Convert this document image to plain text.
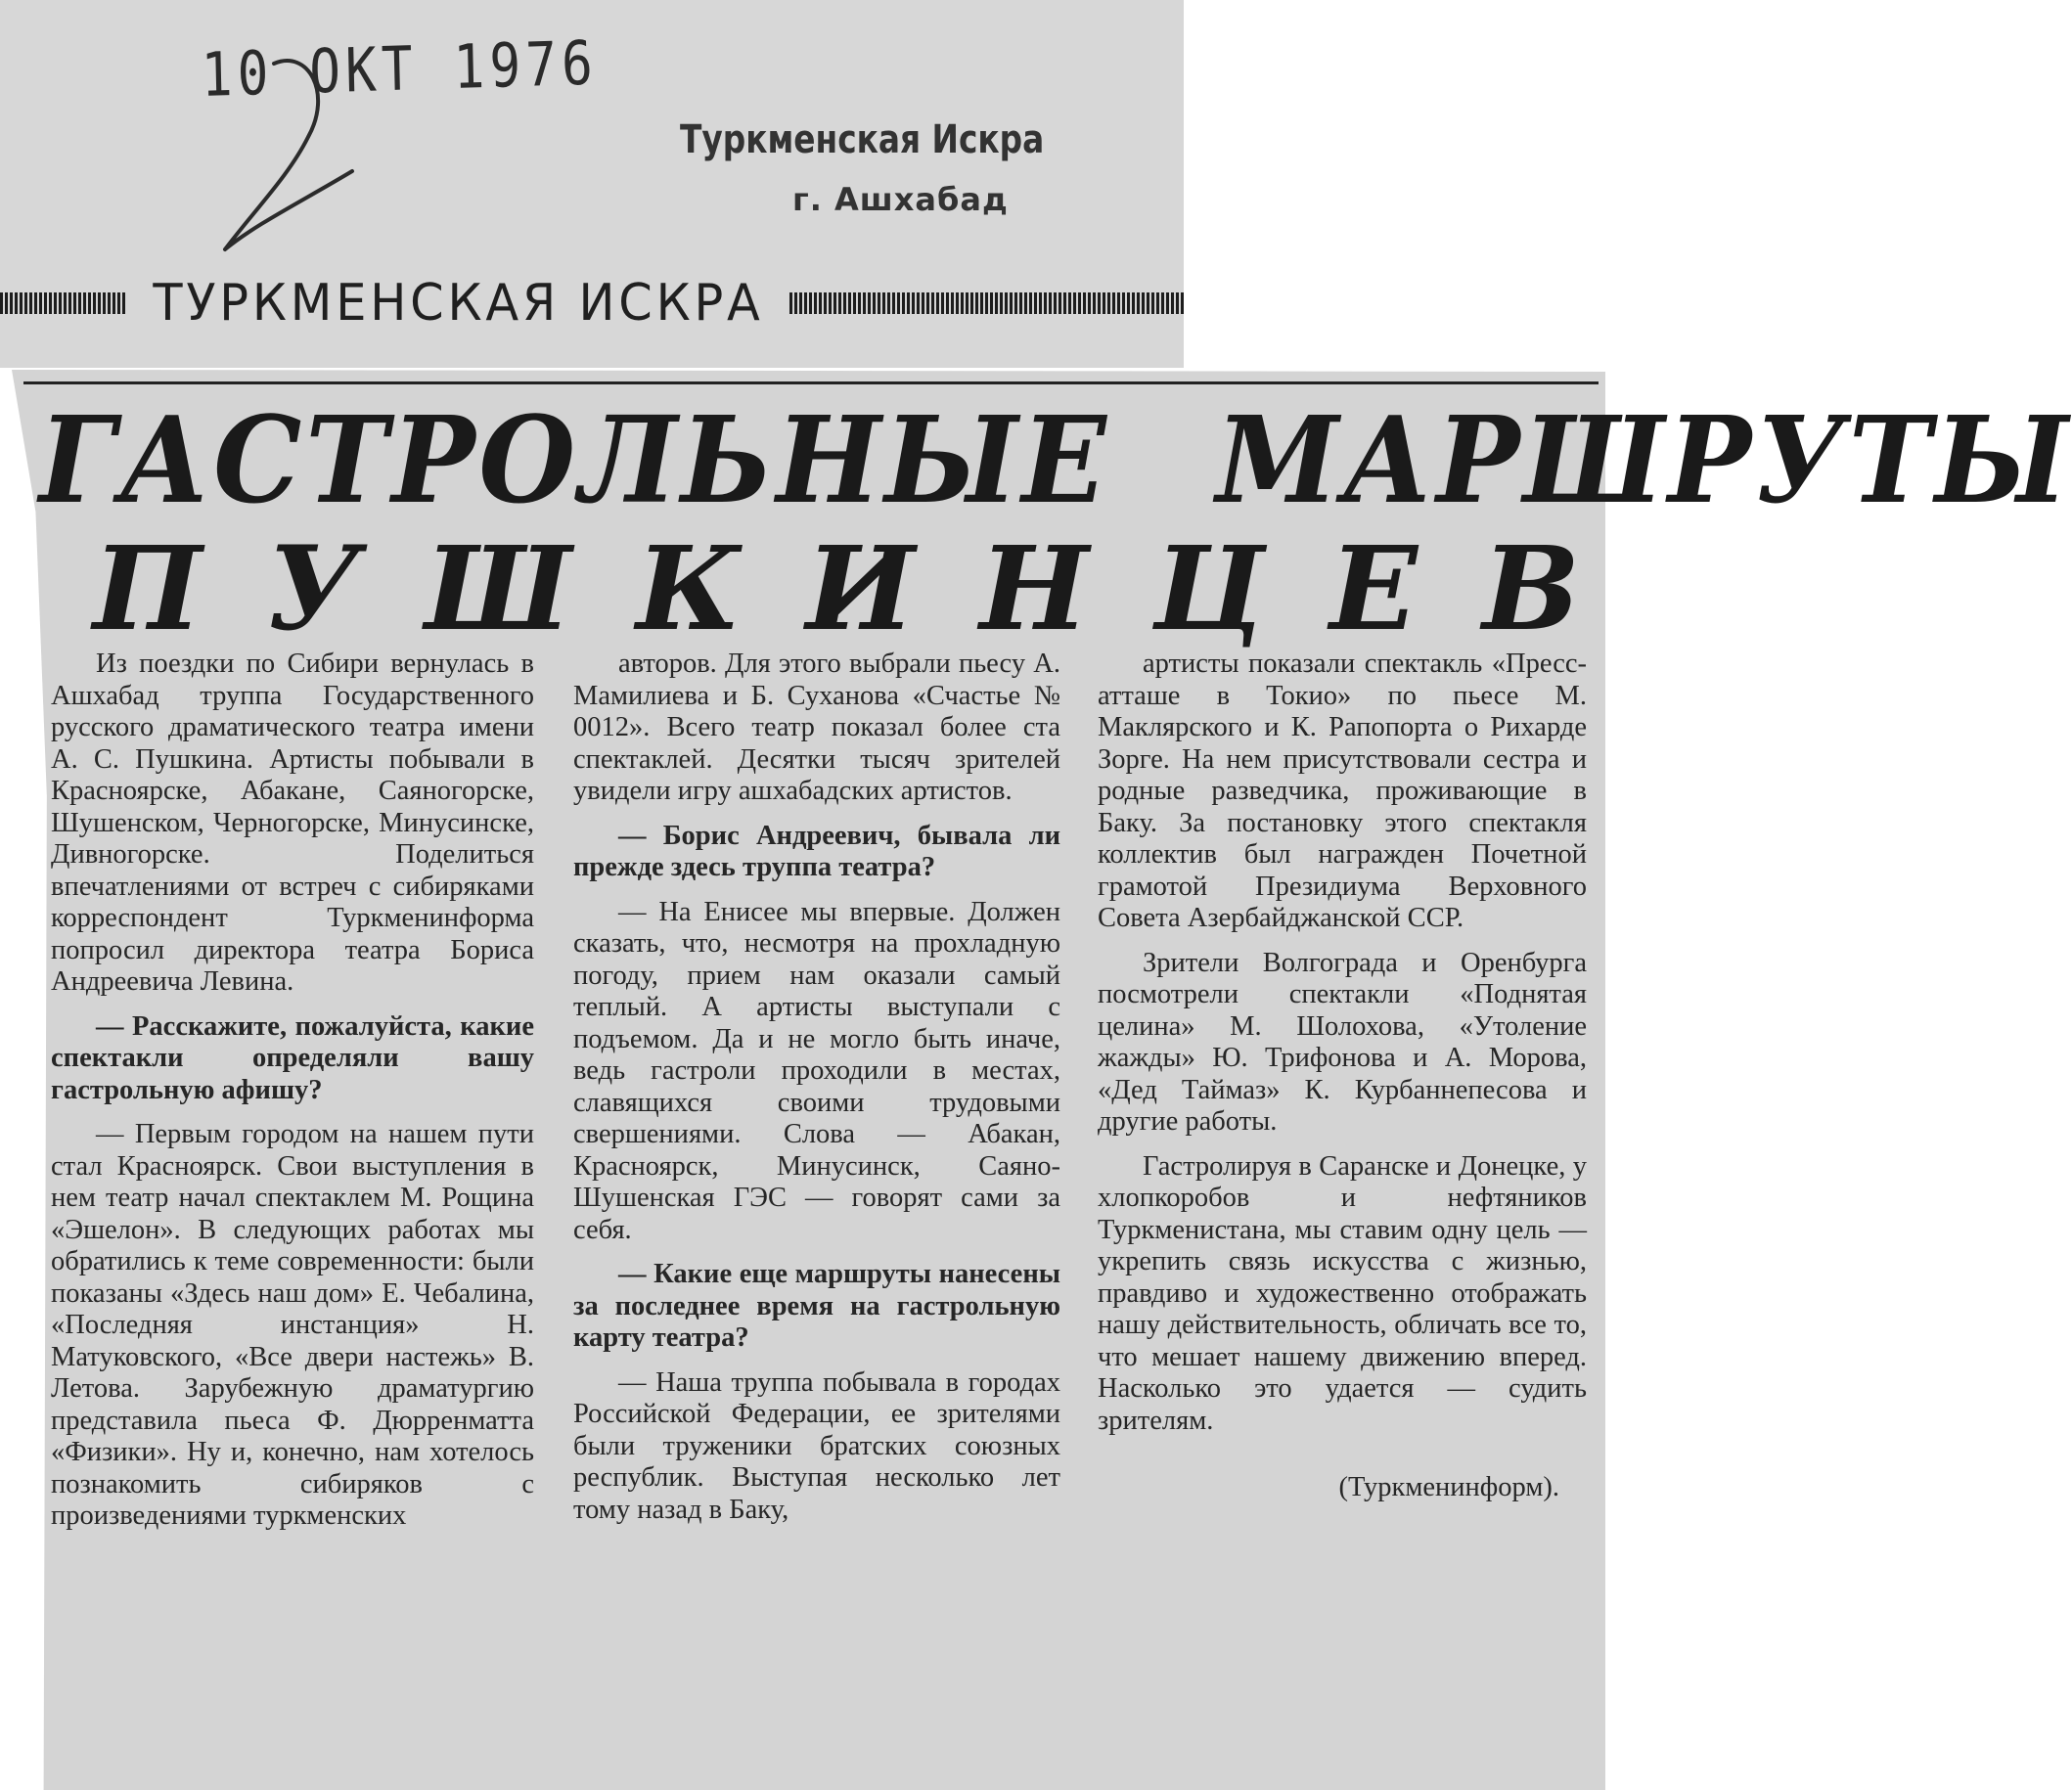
10 ОКТ 1976
Туркменская Искра
г. Ашхабад
ТУРКМЕНСКАЯ ИСКРА
ГАСТРОЛЬНЫЕ МАРШРУТЫ
П У Ш К И Н Ц Е В

Из поездки по Сибири вернулась в Ашхабад труппа Государственного русского драматического театра имени А. С. Пушкина. Артисты побывали в Красноярске, Абакане, Саяногорске, Шушенском, Черногорске, Минусинске, Дивногорске. Поделиться впечатлениями от встреч с сибиряками корреспондент Туркменинформа попросил директора театра Бориса Андреевича Левина.

— Расскажите, пожалуйста, какие спектакли определяли вашу гастрольную афишу?

— Первым городом на нашем пути стал Красноярск. Свои выступления в нем театр начал спектаклем М. Рощина «Эшелон». В следующих работах мы обратились к теме современности: были показаны «Здесь наш дом» Е. Чебалина, «Последняя инстанция» Н. Матуковского, «Все двери настежь» В. Летова. Зарубежную драматургию представила пьеса Ф. Дюрренматта «Физики». Ну и, конечно, нам хотелось познакомить сибиряков с произведениями туркменских

авторов. Для этого выбрали пьесу А. Мамилиева и Б. Суханова «Счастье № 0012». Всего театр показал более ста спектаклей. Десятки тысяч зрителей увидели игру ашхабадских артистов.

— Борис Андреевич, бывала ли прежде здесь труппа театра?

— На Енисее мы впервые. Должен сказать, что, несмотря на прохладную погоду, прием нам оказали самый теплый. А артисты выступали с подъемом. Да и не могло быть иначе, ведь гастроли проходили в местах, славящихся своими трудовыми свершениями. Слова — Абакан, Красноярск, Минусинск, Саяно-Шушенская ГЭС — говорят сами за себя.

— Какие еще маршруты нанесены за последнее время на гастрольную карту театра?

— Наша труппа побывала в городах Российской Федерации, ее зрителями были труженики братских союзных республик. Выступая несколько лет тому назад в Баку,

артисты показали спектакль «Пресс-атташе в Токио» по пьесе М. Маклярского и К. Рапопорта о Рихарде Зорге. На нем присутствовали сестра и родные разведчика, проживающие в Баку. За постановку этого спектакля коллектив был награжден Почетной грамотой Президиума Верховного Совета Азербайджанской ССР.

Зрители Волгограда и Оренбурга посмотрели спектакли «Поднятая целина» М. Шолохова, «Утоление жажды» Ю. Трифонова и А. Морова, «Дед Таймаз» К. Курбаннепесова и другие работы.

Гастролируя в Саранске и Донецке, у хлопкоробов и нефтяников Туркменистана, мы ставим одну цель — укрепить связь искусства с жизнью, правдиво и художественно отображать нашу действительность, обличать все то, что мешает нашему движению вперед. Насколько это удается — судить зрителям.

(Туркменинформ).
